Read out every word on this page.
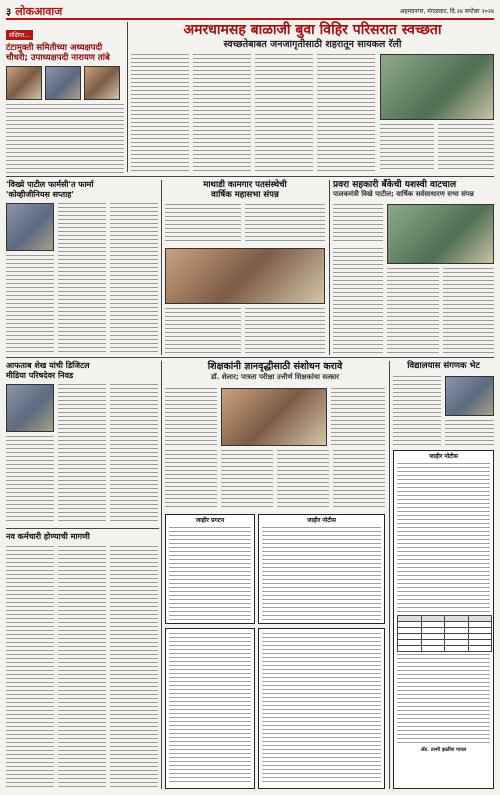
३ लोकआवाज	अहमदनगर, मंगळवार, दि.२४ सप्टेंबर २०२४
संक्षिप्त...
टंटामुक्ती समितीच्या अध्यक्षपदी चौधरी; उपाध्यक्षपदी नारायण तांबे
अमरधामसह बाळाजी बुवा विहिर परिसरात स्वच्छता
स्वच्छतेबाबत जनजागृतीसाठी शहरातून सायकल रॅली
'विख्ये पाटील फार्मसी'त फार्मा
'कोव्हीजीनियस सप्ताह'
माथाडी कामगार पतसंस्थेची
वार्षिक महासभा संपन्न
प्रवरा सहकारी बँकेची यशस्वी वाटचाल
पालकमंत्री विखे पाटील; वार्षिक सर्वसाधारण सभा संपन्न
आफताब शेख यांची डिजिटल
मीडिया परिषदेवर निवड
नव कर्मचारी होण्याची मागणी
शिक्षकांनी ज्ञानवृद्धीसाठी संशोधन करावे
डॉ. शेलार; पात्रता परीक्षा उत्तीर्ण शिक्षकांचा सत्कार
जाहीर प्रगटन	जाहीर नोटीस
विद्यालयास संगणक भेट
जाहीर नोटीस

ॲड. तल्मी झळींश पायल
